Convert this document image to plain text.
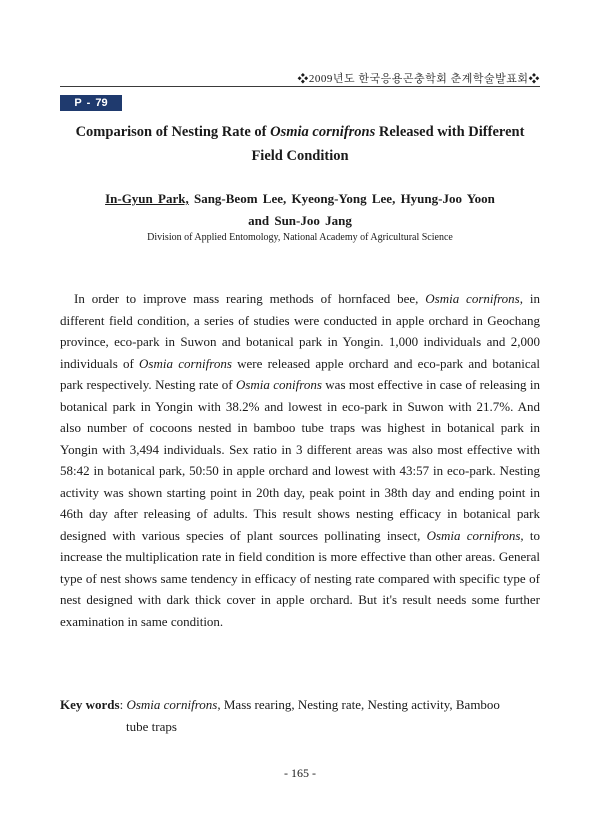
❖2009년도 한국응용곤충학회 춘계학술발표회❖
P - 79
Comparison of Nesting Rate of Osmia cornifrons Released with Different Field Condition
In-Gyun Park, Sang-Beom Lee, Kyeong-Yong Lee, Hyung-Joo Yoon
and Sun-Joo Jang
Division of Applied Entomology, National Academy of Agricultural Science

In order to improve mass rearing methods of hornfaced bee, Osmia cornifrons, in different field condition, a series of studies were conducted in apple orchard in Geochang province, eco-park in Suwon and botanical park in Yongin. 1,000 individuals and 2,000 individuals of Osmia cornifrons were released apple orchard and eco-park and botanical park respectively. Nesting rate of Osmia conifrons was most effective in case of releasing in botanical park in Yongin with 38.2% and lowest in eco-park in Suwon with 21.7%. And also number of cocoons nested in bamboo tube traps was highest in botanical park in Yongin with 3,494 individuals. Sex ratio in 3 different areas was also most effective with 58:42 in botanical park, 50:50 in apple orchard and lowest with 43:57 in eco-park. Nesting activity was shown starting point in 20th day, peak point in 38th day and ending point in 46th day after releasing of adults. This result shows nesting efficacy in botanical park designed with various species of plant sources pollinating insect, Osmia cornifrons, to increase the multiplication rate in field condition is more effective than other areas. General type of nest shows same tendency in efficacy of nesting rate compared with specific type of nest designed with dark thick cover in apple orchard. But it's result needs some further examination in same condition.

Key words: Osmia cornifrons, Mass rearing, Nesting rate, Nesting activity, Bamboo
tube traps
- 165 -
